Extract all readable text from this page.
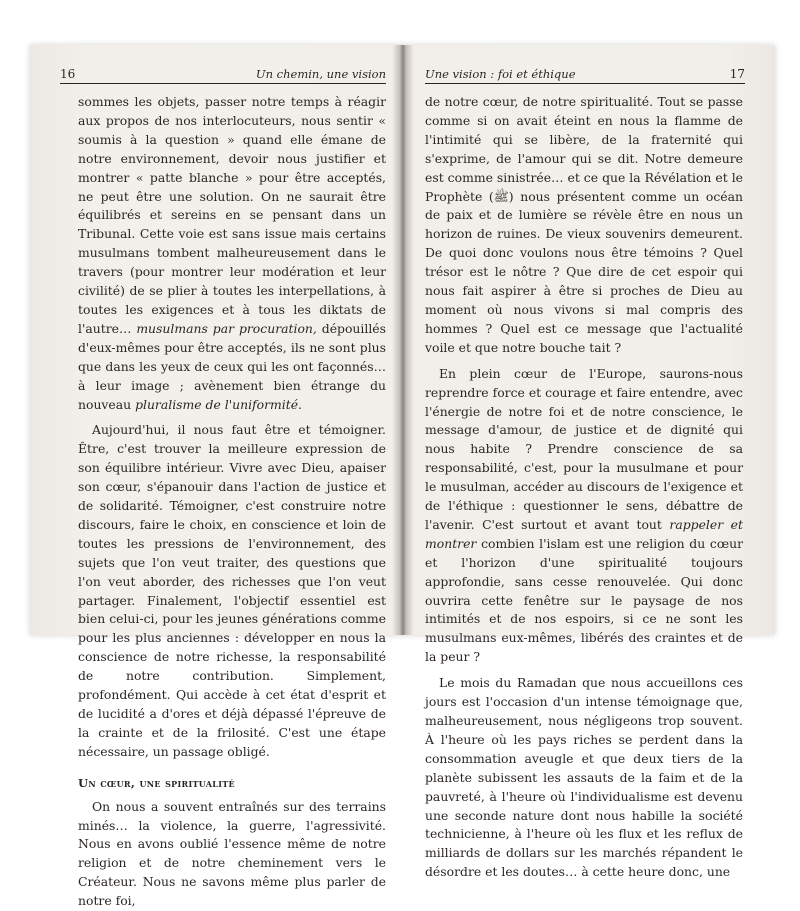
16	Un chemin, une vision

sommes les objets, passer notre temps à réagir aux propos de nos interlocuteurs, nous sentir « soumis à la question » quand elle émane de notre environnement, devoir nous justifier et montrer « patte blanche » pour être acceptés, ne peut être une solution. On ne saurait être équilibrés et sereins en se pensant dans un Tribunal. Cette voie est sans issue mais certains musulmans tombent malheureusement dans le travers (pour montrer leur modération et leur civilité) de se plier à toutes les interpellations, à toutes les exigences et à tous les diktats de l'autre… musulmans par procuration, dépouillés d'eux-mêmes pour être acceptés, ils ne sont plus que dans les yeux de ceux qui les ont façonnés… à leur image ; avènement bien étrange du nouveau pluralisme de l'uniformité.

Aujourd'hui, il nous faut être et témoigner. Être, c'est trouver la meilleure expression de son équilibre intérieur. Vivre avec Dieu, apaiser son cœur, s'épanouir dans l'action de justice et de solidarité. Témoigner, c'est construire notre discours, faire le choix, en conscience et loin de toutes les pressions de l'environnement, des sujets que l'on veut traiter, des questions que l'on veut aborder, des richesses que l'on veut partager. Finalement, l'objectif essentiel est bien celui-ci, pour les jeunes générations comme pour les plus anciennes : développer en nous la conscience de notre richesse, la responsabilité de notre contribution. Simplement, profondément. Qui accède à cet état d'esprit et de lucidité a d'ores et déjà dépassé l'épreuve de la crainte et de la frilosité. C'est une étape nécessaire, un passage obligé.

Un cœur, une spiritualité

On nous a souvent entraînés sur des terrains minés… la violence, la guerre, l'agressivité. Nous en avons oublié l'essence même de notre religion et de notre cheminement vers le Créateur. Nous ne savons même plus parler de notre foi,

Une vision : foi et éthique	17

de notre cœur, de notre spiritualité. Tout se passe comme si on avait éteint en nous la flamme de l'intimité qui se libère, de la fraternité qui s'exprime, de l'amour qui se dit. Notre demeure est comme sinistrée… et ce que la Révélation et le Prophète (ﷺ) nous présentent comme un océan de paix et de lumière se révèle être en nous un horizon de ruines. De vieux souvenirs demeurent. De quoi donc voulons nous être témoins ? Quel trésor est le nôtre ? Que dire de cet espoir qui nous fait aspirer à être si proches de Dieu au moment où nous vivons si mal compris des hommes ? Quel est ce message que l'actualité voile et que notre bouche tait ?

En plein cœur de l'Europe, saurons-nous reprendre force et courage et faire entendre, avec l'énergie de notre foi et de notre conscience, le message d'amour, de justice et de dignité qui nous habite ? Prendre conscience de sa responsabilité, c'est, pour la musulmane et pour le musulman, accéder au discours de l'exigence et de l'éthique : questionner le sens, débattre de l'avenir. C'est surtout et avant tout rappeler et montrer combien l'islam est une religion du cœur et l'horizon d'une spiritualité toujours approfondie, sans cesse renouvelée. Qui donc ouvrira cette fenêtre sur le paysage de nos intimités et de nos espoirs, si ce ne sont les musulmans eux-mêmes, libérés des craintes et de la peur ?

Le mois du Ramadan que nous accueillons ces jours est l'occasion d'un intense témoignage que, malheureusement, nous négligeons trop souvent. À l'heure où les pays riches se perdent dans la consommation aveugle et que deux tiers de la planète subissent les assauts de la faim et de la pauvreté, à l'heure où l'individualisme est devenu une seconde nature dont nous habille la société technicienne, à l'heure où les flux et les reflux de milliards de dollars sur les marchés répandent le désordre et les doutes… à cette heure donc, une
